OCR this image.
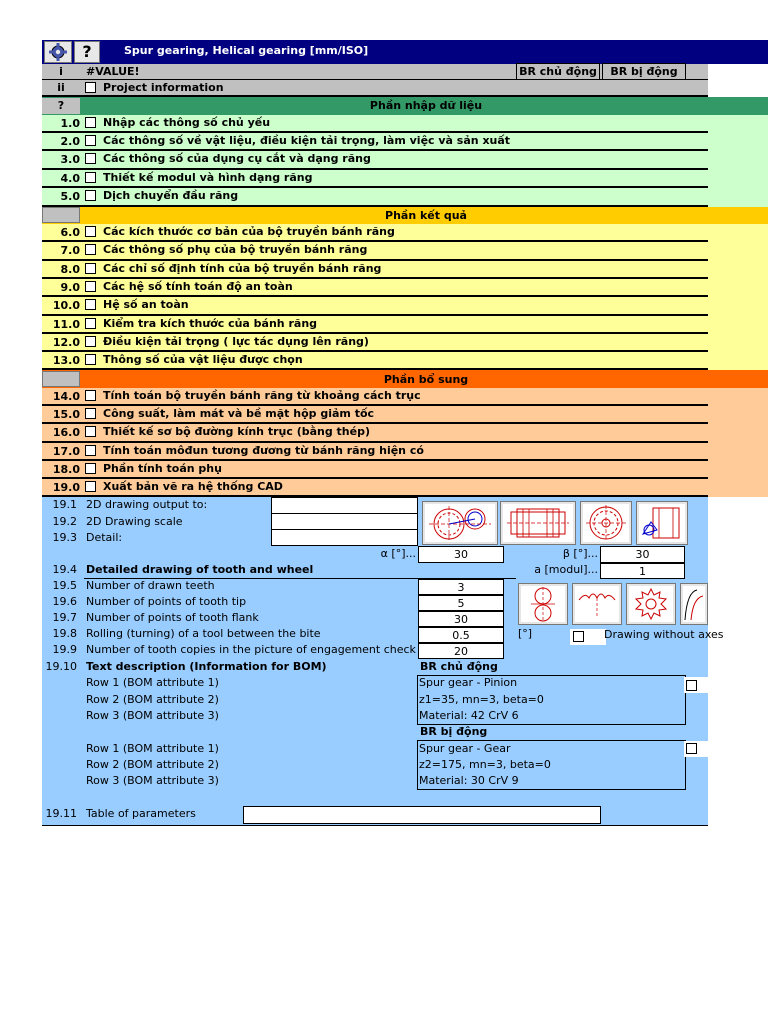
?	Spur gearing, Helical gearing [mm/ISO]
i	#VALUE!	BR chủ động	BR bị động
ii	Project information
?	Phần nhập dữ liệu
1.0 Nhập các thông số chủ yếu
2.0 Các thông số về vật liệu, điều kiện tải trọng, làm việc và sản xuất
3.0 Các thông số của dụng cụ cắt và dạng răng
4.0 Thiết kế modul và hình dạng răng
5.0 Dịch chuyển đầu răng
Phần kết quả
6.0 Các kích thước cơ bản của bộ truyền bánh răng
7.0 Các thông số phụ của bộ truyền bánh răng
8.0 Các chỉ số định tính của bộ truyền bánh răng
9.0 Các hệ số tính toán độ an toàn
10.0 Hệ số an toàn
11.0 Kiểm tra kích thước của bánh răng
12.0 Điều kiện tải trọng ( lực tác dụng lên răng)
13.0 Thông số của vật liệu được chọn
Phần bổ sung
14.0 Tính toán bộ truyền bánh răng từ khoảng cách trục
15.0 Công suất, làm mát và bề mặt hộp giảm tốc
16.0 Thiết kế sơ bộ đường kính trục (bằng thép)
17.0 Tính toán môđun tương đương từ bánh răng hiện có
18.0 Phần tính toán phụ
19.0 Xuất bản vẽ ra hệ thống CAD
19.1 2D drawing output to:
19.2 2D Drawing scale
19.3 Detail:
α [°]...	30	β [°]...	30
19.4 Detailed drawing of tooth and wheel	a [modul]...	1
19.5 Number of drawn teeth	3
19.6 Number of points of tooth tip	5
19.7 Number of points of tooth flank	30
19.8 Rolling (turning) of a tool between the bite	0.5	[°]
19.9 Number of tooth copies in the picture of engagement check	20
Drawing without axes
19.10 Text description (Information for BOM)	BR chủ động
Row 1 (BOM attribute 1)	Spur gear - Pinion
Row 2 (BOM attribute 2)	z1=35, mn=3, beta=0
Row 3 (BOM attribute 3)	Material: 42 CrV 6
BR bị động
Row 1 (BOM attribute 1)	Spur gear - Gear
Row 2 (BOM attribute 2)	z2=175, mn=3, beta=0
Row 3 (BOM attribute 3)	Material: 30 CrV 9
19.11 Table of parameters
